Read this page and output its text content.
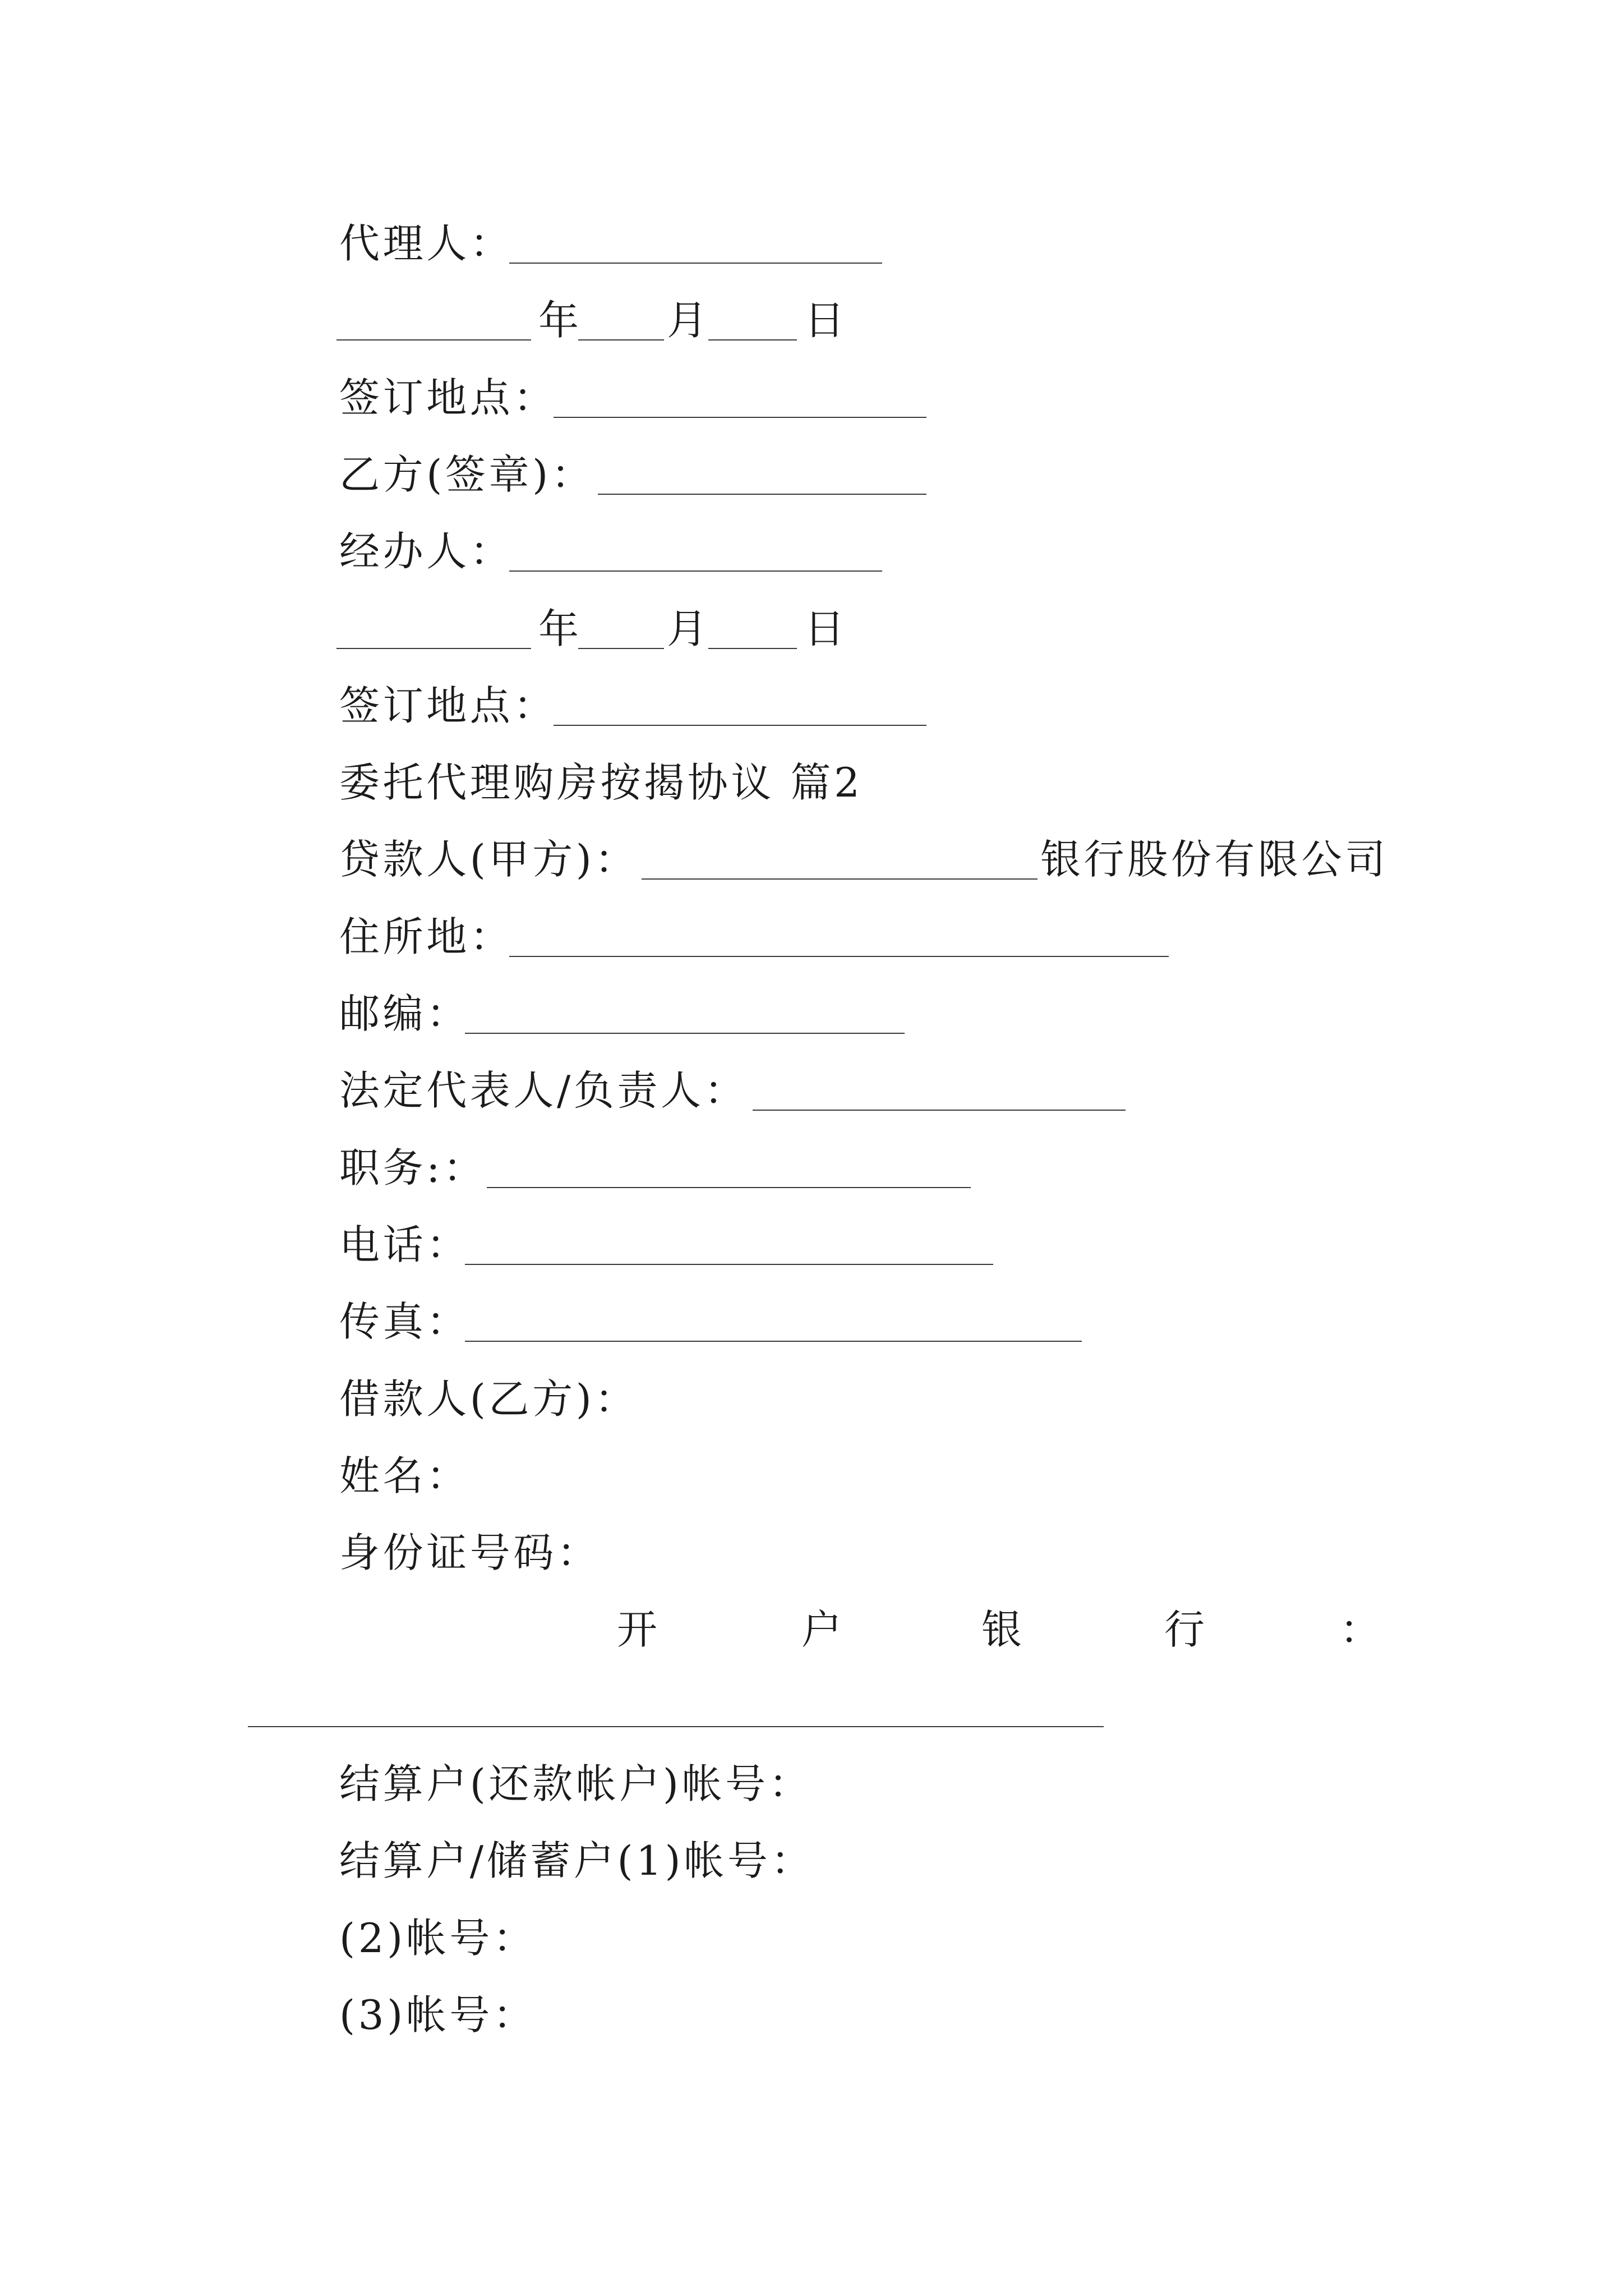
代理人：
年 月 日
签订地点：
乙方(签章)：
经办人：
年 月 日
签订地点：
委托代理购房按揭协议 篇2
贷款人(甲方)：	银行股份有限公司
住所地：
邮编：
法定代表人/负责人：
职务:：
电话：
传真：
借款人(乙方)：
姓名：
身份证号码：
开	户	银	行	：
结算户(还款帐户)帐号：
结算户/储蓄户(1)帐号：
(2)帐号：
(3)帐号：
